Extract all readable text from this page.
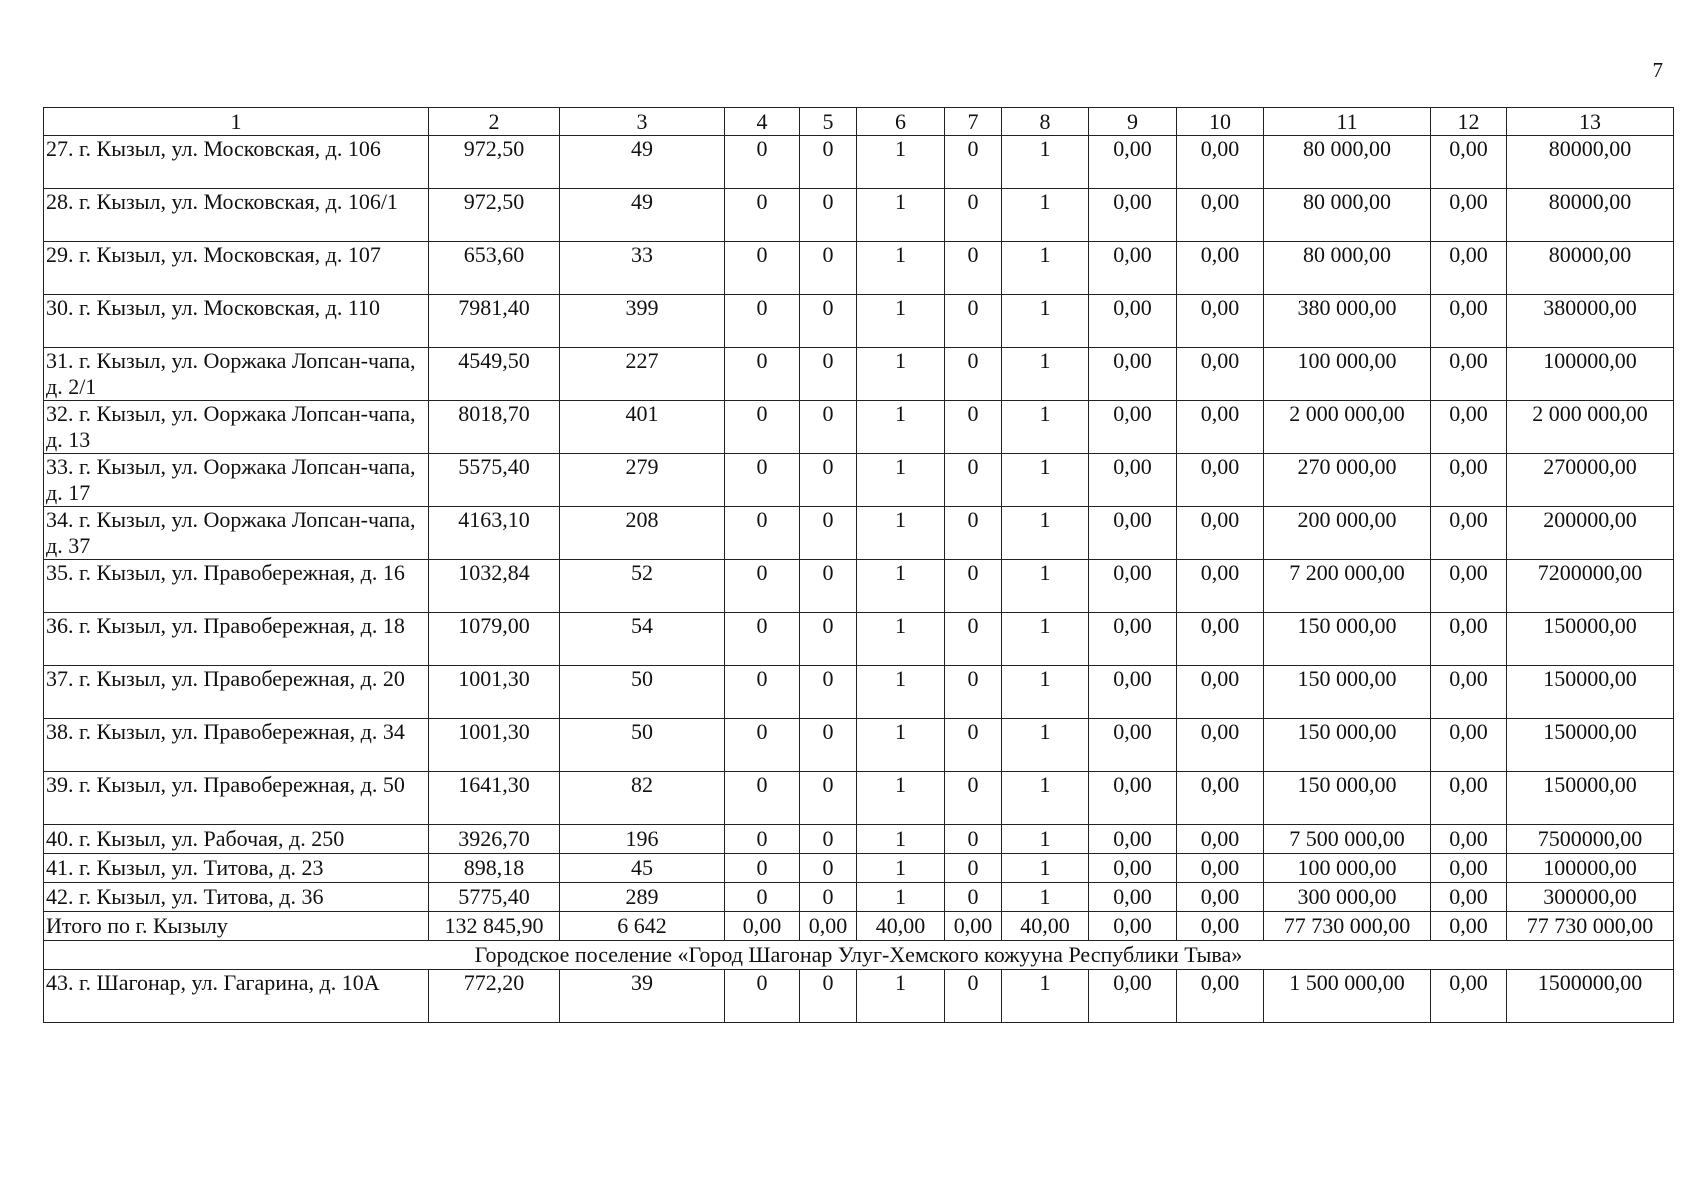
7
1	2	3	4	5	6	7	8	9	10	11	12	13
27. г. Кызыл, ул. Московская, д. 106	972,50	49	0	0	1	0	1	0,00	0,00	80 000,00	0,00	80000,00
28. г. Кызыл, ул. Московская, д. 106/1	972,50	49	0	0	1	0	1	0,00	0,00	80 000,00	0,00	80000,00
29. г. Кызыл, ул. Московская, д. 107	653,60	33	0	0	1	0	1	0,00	0,00	80 000,00	0,00	80000,00
30. г. Кызыл, ул. Московская, д. 110	7981,40	399	0	0	1	0	1	0,00	0,00	380 000,00	0,00	380000,00
31. г. Кызыл, ул. Ооржака Лопсан-чапа, д. 2/1	4549,50	227	0	0	1	0	1	0,00	0,00	100 000,00	0,00	100000,00
32. г. Кызыл, ул. Ооржака Лопсан-чапа, д. 13	8018,70	401	0	0	1	0	1	0,00	0,00	2 000 000,00	0,00	2 000 000,00
33. г. Кызыл, ул. Ооржака Лопсан-чапа, д. 17	5575,40	279	0	0	1	0	1	0,00	0,00	270 000,00	0,00	270000,00
34. г. Кызыл, ул. Ооржака Лопсан-чапа, д. 37	4163,10	208	0	0	1	0	1	0,00	0,00	200 000,00	0,00	200000,00
35. г. Кызыл, ул. Правобережная, д. 16	1032,84	52	0	0	1	0	1	0,00	0,00	7 200 000,00	0,00	7200000,00
36. г. Кызыл, ул. Правобережная, д. 18	1079,00	54	0	0	1	0	1	0,00	0,00	150 000,00	0,00	150000,00
37. г. Кызыл, ул. Правобережная, д. 20	1001,30	50	0	0	1	0	1	0,00	0,00	150 000,00	0,00	150000,00
38. г. Кызыл, ул. Правобережная, д. 34	1001,30	50	0	0	1	0	1	0,00	0,00	150 000,00	0,00	150000,00
39. г. Кызыл, ул. Правобережная, д. 50	1641,30	82	0	0	1	0	1	0,00	0,00	150 000,00	0,00	150000,00
40. г. Кызыл, ул. Рабочая, д. 250	3926,70	196	0	0	1	0	1	0,00	0,00	7 500 000,00	0,00	7500000,00
41. г. Кызыл, ул. Титова, д. 23	898,18	45	0	0	1	0	1	0,00	0,00	100 000,00	0,00	100000,00
42. г. Кызыл, ул. Титова, д. 36	5775,40	289	0	0	1	0	1	0,00	0,00	300 000,00	0,00	300000,00
Итого по г. Кызылу	132 845,90	6 642	0,00	0,00	40,00	0,00	40,00	0,00	0,00	77 730 000,00	0,00	77 730 000,00
Городское поселение «Город Шагонар Улуг-Хемского кожууна Республики Тыва»												
43. г. Шагонар, ул. Гагарина, д. 10А	772,20	39	0	0	1	0	1	0,00	0,00	1 500 000,00	0,00	1500000,00
